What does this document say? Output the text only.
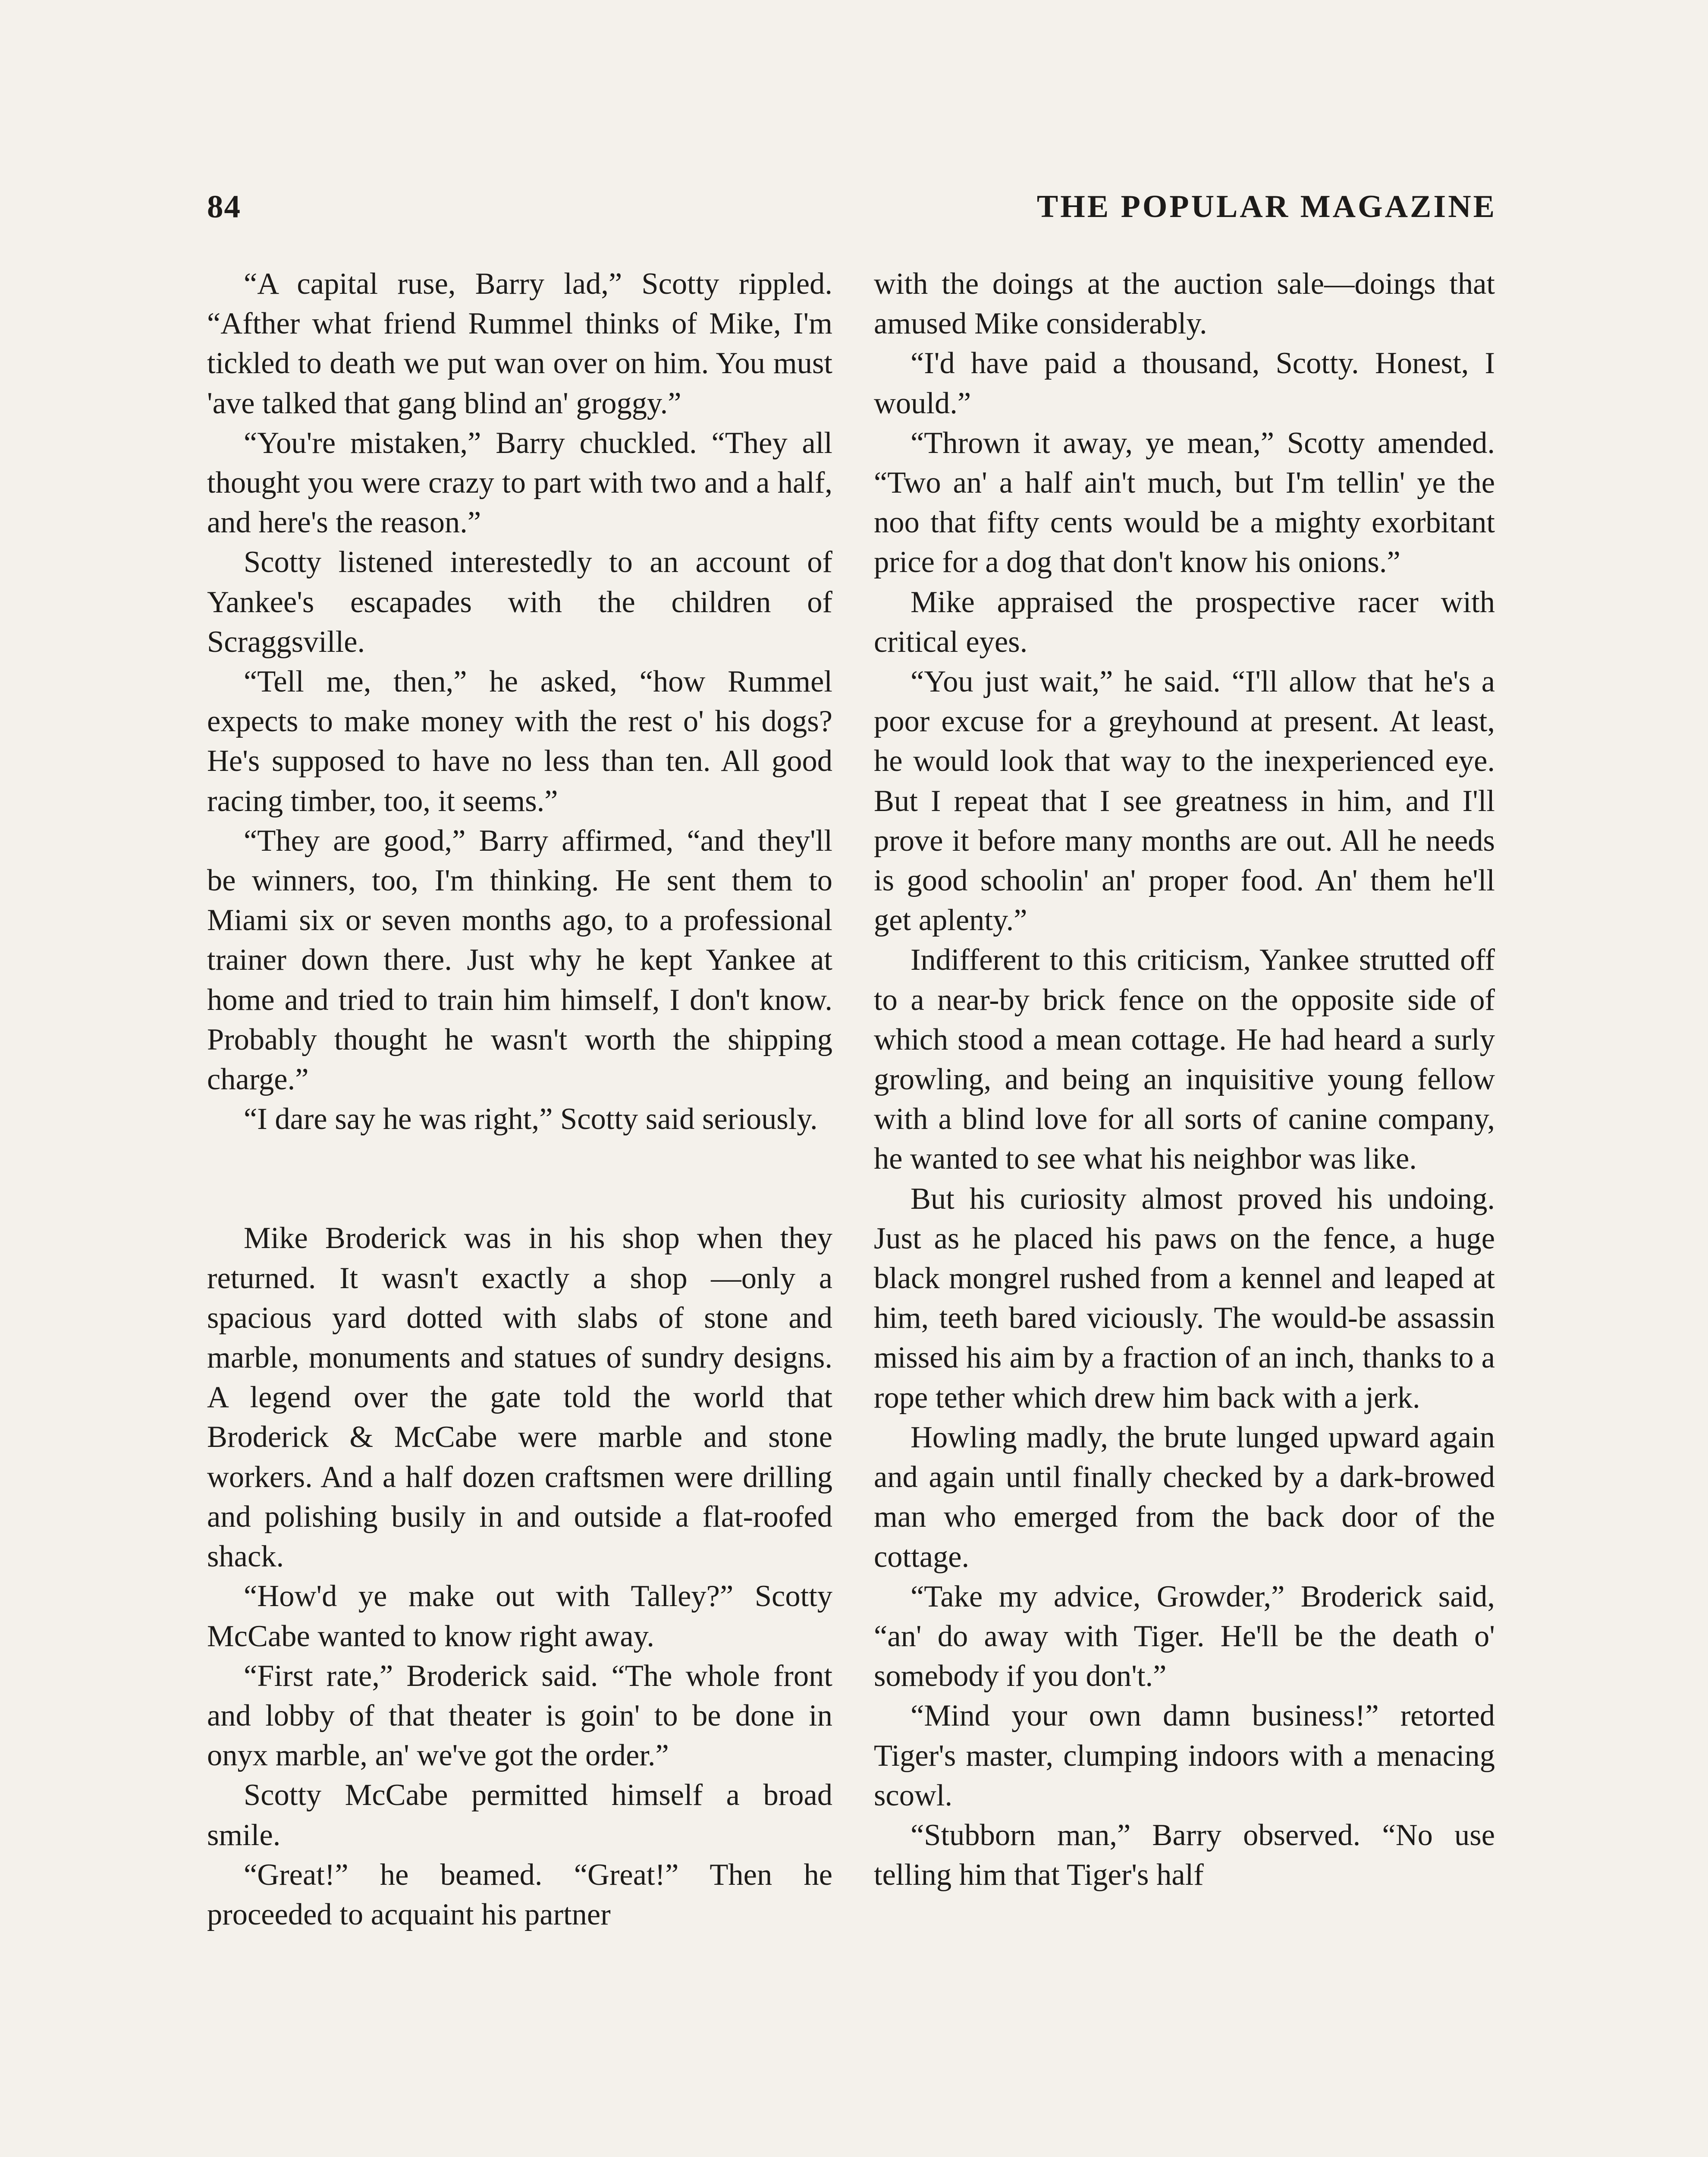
84	THE POPULAR MAGAZINE

“A capital ruse, Barry lad,” Scotty rippled. “Afther what friend Rummel thinks of Mike, I'm tickled to death we put wan over on him. You must 'ave talked that gang blind an' groggy.”

“You're mistaken,” Barry chuckled. “They all thought you were crazy to part with two and a half, and here's the reason.”

Scotty listened interestedly to an account of Yankee's escapades with the children of Scraggsville.

“Tell me, then,” he asked, “how Rummel expects to make money with the rest o' his dogs? He's supposed to have no less than ten. All good racing timber, too, it seems.”

“They are good,” Barry affirmed, “and they'll be winners, too, I'm thinking. He sent them to Miami six or seven months ago, to a professional trainer down there. Just why he kept Yankee at home and tried to train him himself, I don't know. Probably thought he wasn't worth the shipping charge.”

“I dare say he was right,” Scotty said seriously.

Mike Broderick was in his shop when they returned. It wasn't exactly a shop —only a spacious yard dotted with slabs of stone and marble, monuments and statues of sundry designs. A legend over the gate told the world that Broderick & McCabe were marble and stone workers. And a half dozen craftsmen were drilling and polishing busily in and outside a flat-roofed shack.

“How'd ye make out with Talley?” Scotty McCabe wanted to know right away.

“First rate,” Broderick said. “The whole front and lobby of that theater is goin' to be done in onyx marble, an' we've got the order.”

Scotty McCabe permitted himself a broad smile.

“Great!” he beamed. “Great!” Then he proceeded to acquaint his partner

with the doings at the auction sale—doings that amused Mike considerably.

“I'd have paid a thousand, Scotty. Honest, I would.”

“Thrown it away, ye mean,” Scotty amended. “Two an' a half ain't much, but I'm tellin' ye the noo that fifty cents would be a mighty exorbitant price for a dog that don't know his onions.”

Mike appraised the prospective racer with critical eyes.

“You just wait,” he said. “I'll allow that he's a poor excuse for a greyhound at present. At least, he would look that way to the inexperienced eye. But I repeat that I see greatness in him, and I'll prove it before many months are out. All he needs is good schoolin' an' proper food. An' them he'll get aplenty.”

Indifferent to this criticism, Yankee strutted off to a near-by brick fence on the opposite side of which stood a mean cottage. He had heard a surly growling, and being an inquisitive young fellow with a blind love for all sorts of canine company, he wanted to see what his neighbor was like.

But his curiosity almost proved his undoing. Just as he placed his paws on the fence, a huge black mongrel rushed from a kennel and leaped at him, teeth bared viciously. The would-be assassin missed his aim by a fraction of an inch, thanks to a rope tether which drew him back with a jerk.

Howling madly, the brute lunged upward again and again until finally checked by a dark-browed man who emerged from the back door of the cottage.

“Take my advice, Growder,” Broderick said, “an' do away with Tiger. He'll be the death o' somebody if you don't.”

“Mind your own damn business!” retorted Tiger's master, clumping indoors with a menacing scowl.

“Stubborn man,” Barry observed. “No use telling him that Tiger's half
